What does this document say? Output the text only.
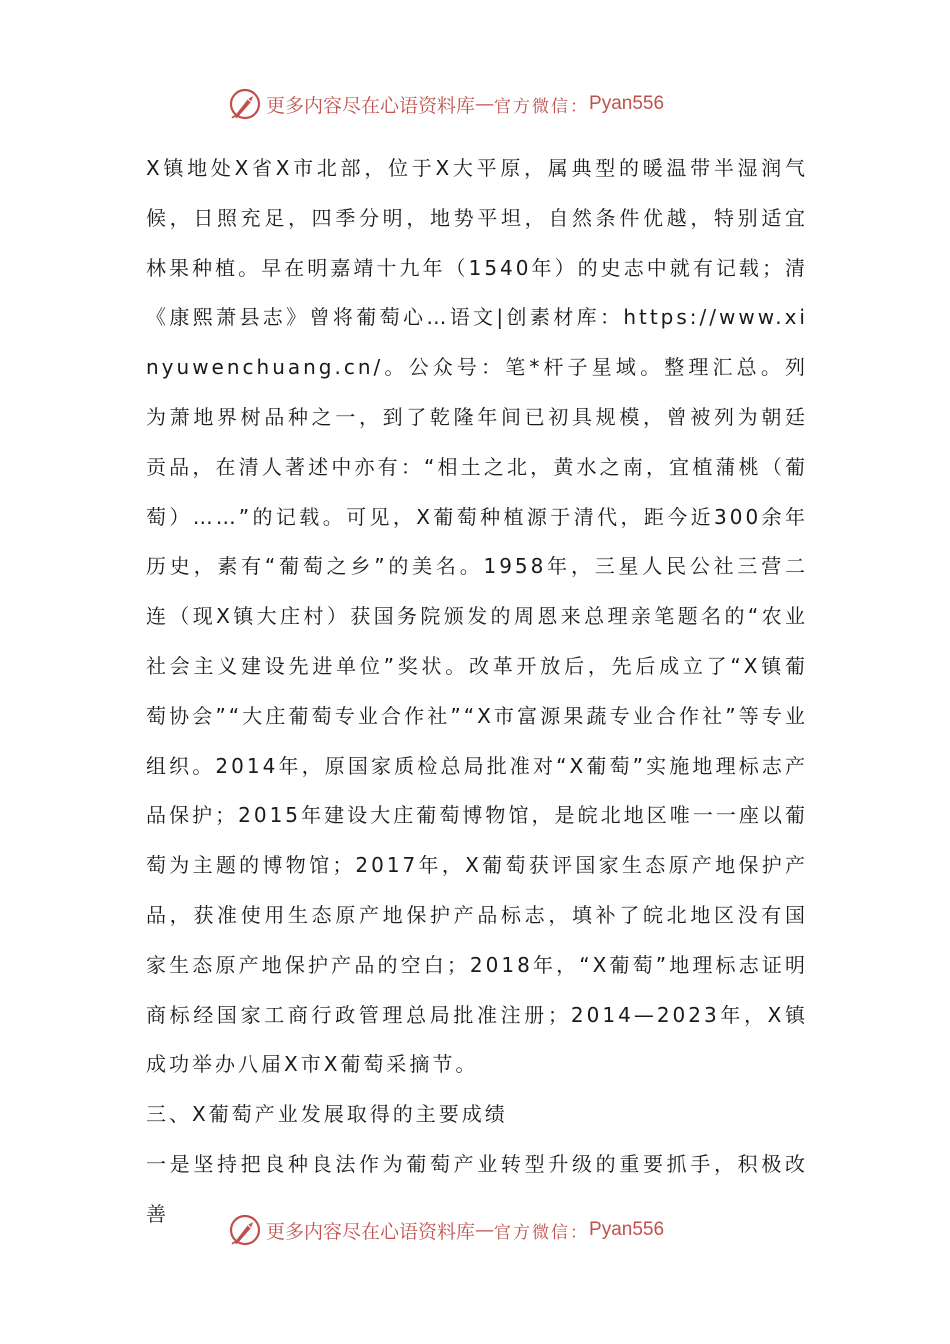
更多内容尽在心语资料库 — 官方微信： Pyan556

X镇地处X省X市北部，位于X大平原，属典型的暖温带半湿润气候，日照充足，四季分明，地势平坦，自然条件优越，特别适宜林果种植。早在明嘉靖十九年（1540年）的史志中就有记载；清《康熙萧县志》曾将葡萄心…语文|创素材库：https://www.xinyuwenchuang.cn/。公众号：笔*杆子星域。整理汇总。列为萧地界树品种之一，到了乾隆年间已初具规模，曾被列为朝廷贡品，在清人著述中亦有：“相土之北，黄水之南，宜植蒲桃（葡萄）……”的记载。可见，X葡萄种植源于清代，距今近300余年历史，素有“葡萄之乡”的美名。1958年，三星人民公社三营二连（现X镇大庄村）获国务院颁发的周恩来总理亲笔题名的“农业社会主义建设先进单位”奖状。改革开放后，先后成立了“X镇葡萄协会”“大庄葡萄专业合作社”“X市富源果蔬专业合作社”等专业组织。2014年，原国家质检总局批准对“X葡萄”实施地理标志产品保护；2015年建设大庄葡萄博物馆，是皖北地区唯一一座以葡萄为主题的博物馆；2017年，X葡萄获评国家生态原产地保护产品，获准使用生态原产地保护产品标志，填补了皖北地区没有国家生态原产地保护产品的空白；2018年，“X葡萄”地理标志证明商标经国家工商行政管理总局批准注册；2014—2023年，X镇成功举办八届X市X葡萄采摘节。

三、X葡萄产业发展取得的主要成绩

一是坚持把良种良法作为葡萄产业转型升级的重要抓手，积极改善

更多内容尽在心语资料库 — 官方微信： Pyan556
